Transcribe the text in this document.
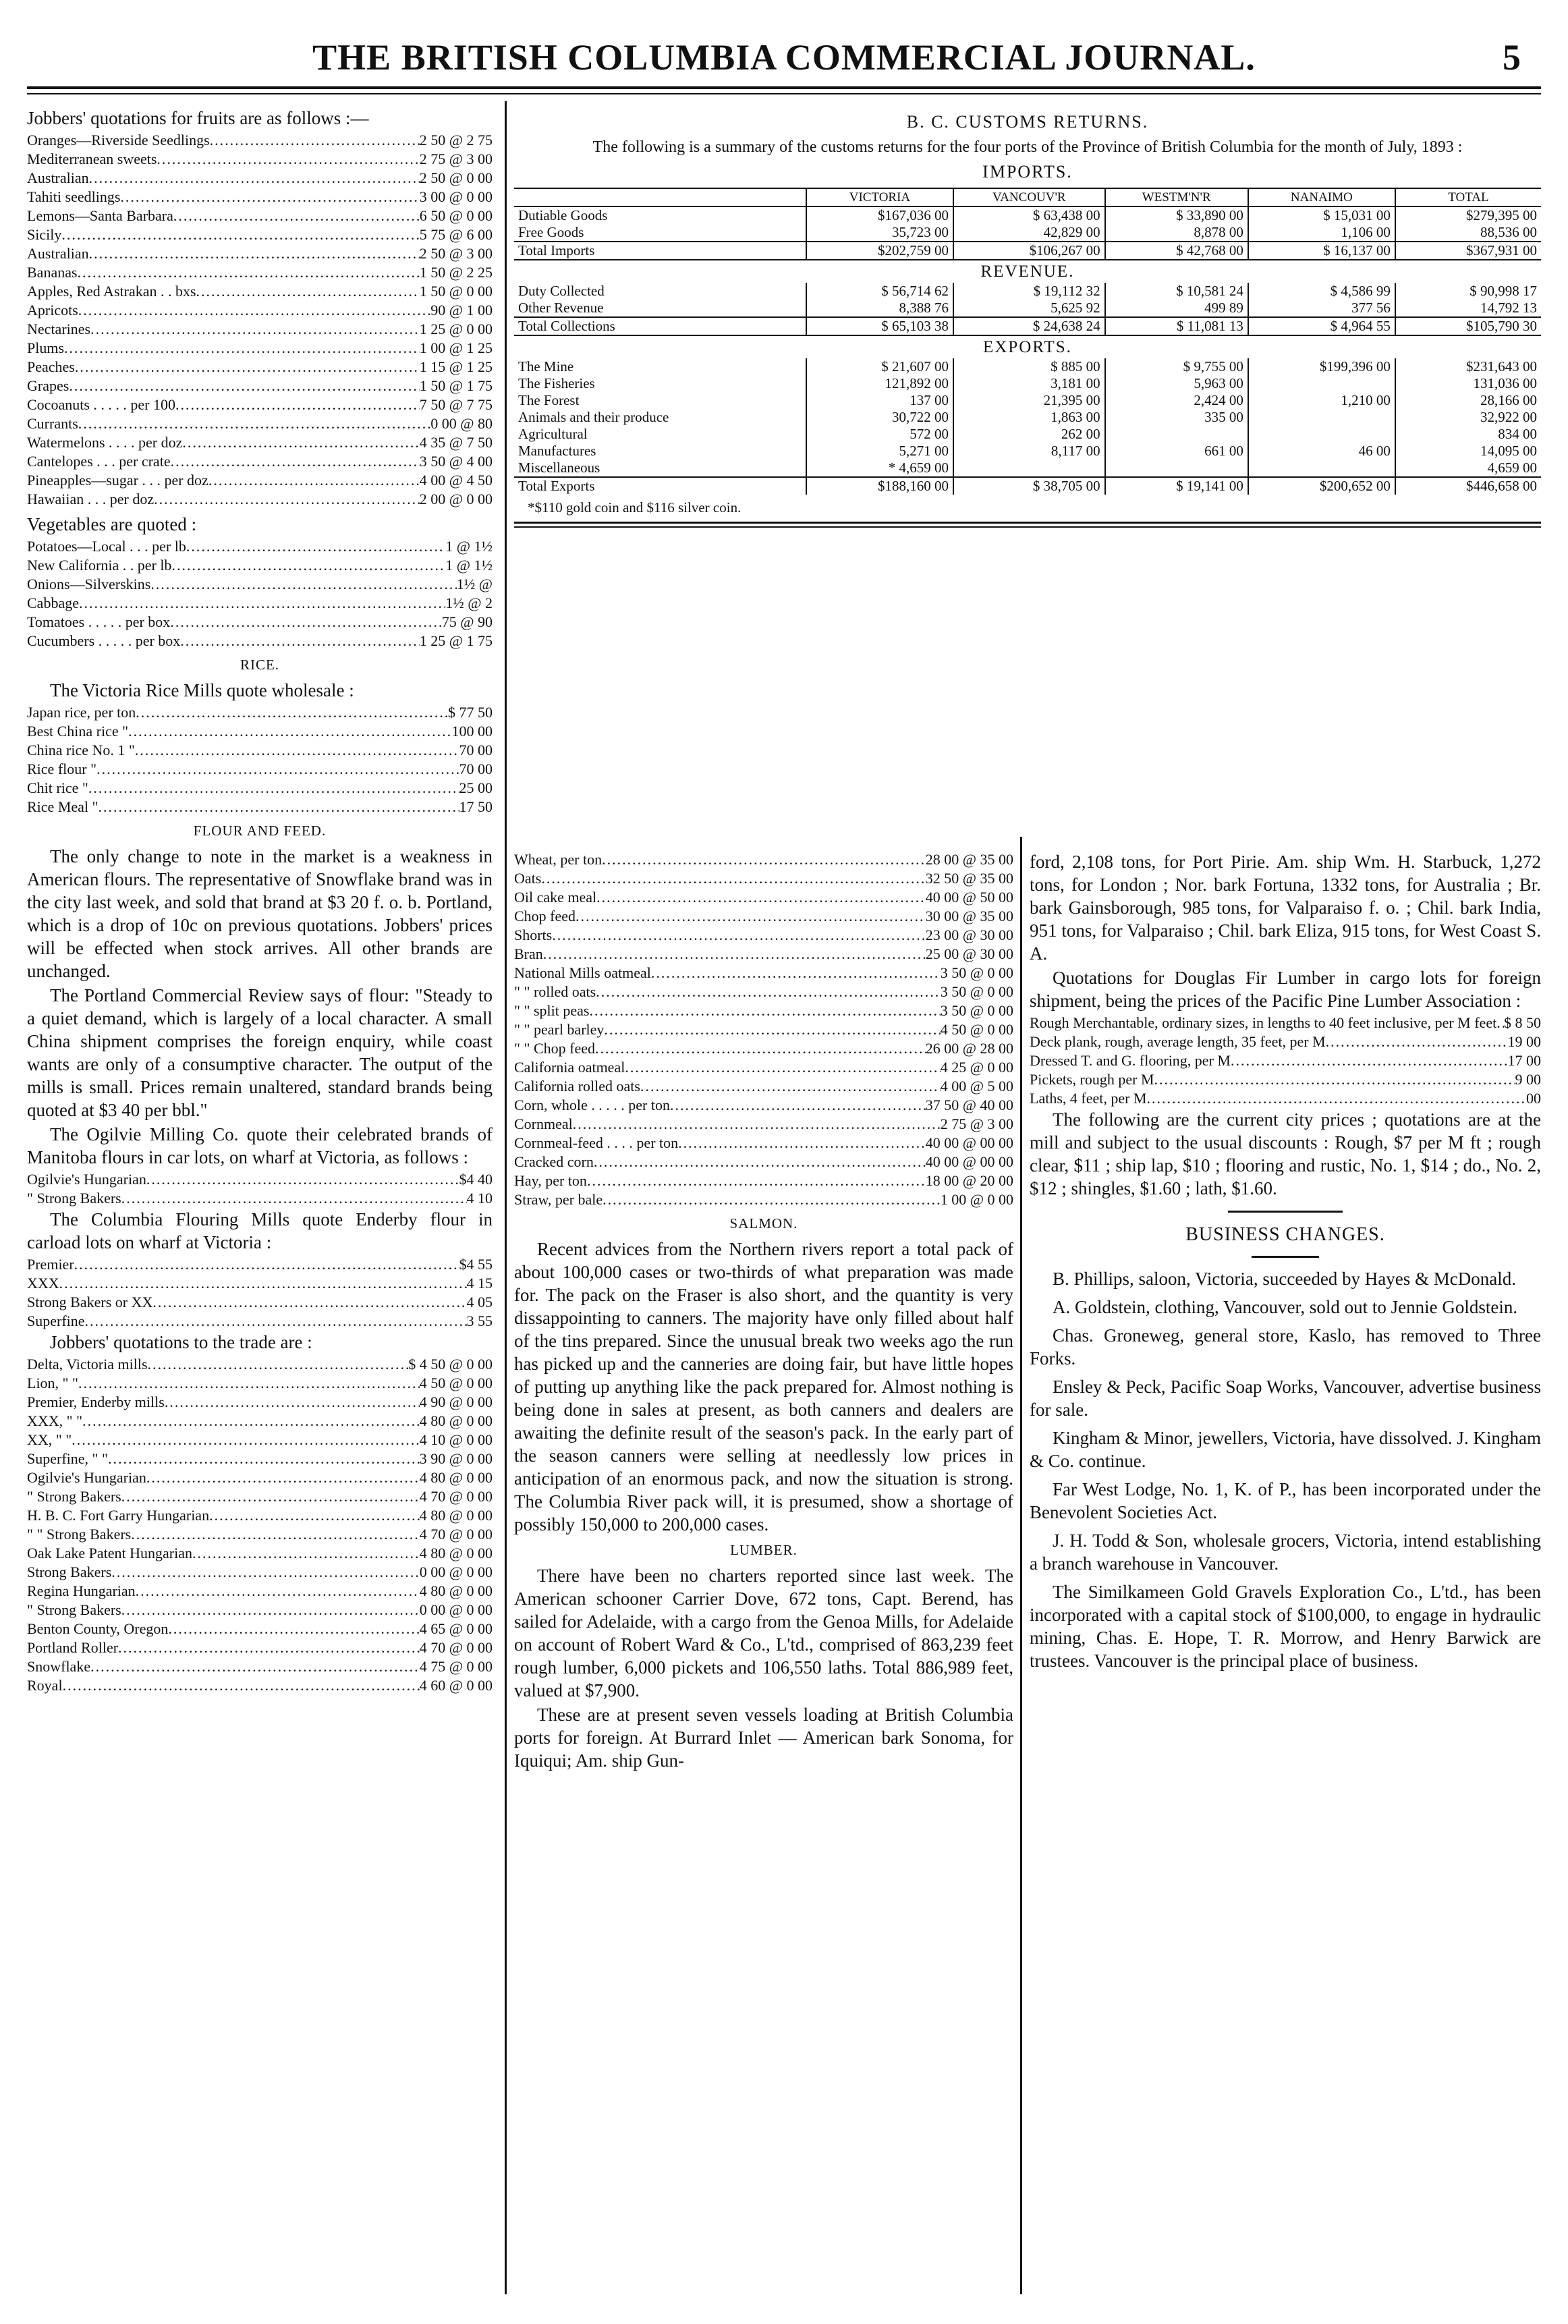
THE BRITISH COLUMBIA COMMERCIAL JOURNAL.	5

Jobbers' quotations for fruits are as follows :—

Oranges—Riverside Seedlings .....	2 50 @ 2 75
Mediterranean sweets .....	2 75 @ 3 00
Australian .....	2 50 @ 0 00
Tahiti seedlings .....	3 00 @ 0 00
Lemons—Santa Barbara .....	6 50 @ 0 00
Sicily .....	5 75 @ 6 00
Australian .....	2 50 @ 3 00
Bananas .....	1 50 @ 2 25
Apples, Red Astrakan . . bxs .....	1 50 @ 0 00
Apricots .....	90 @ 1 00
Nectarines .....	1 25 @ 0 00
Plums .....	1 00 @ 1 25
Peaches .....	1 15 @ 1 25
Grapes .....	1 50 @ 1 75
Cocoanuts . . . . . per 100 .....	7 50 @ 7 75
Currants .....	0 00 @ 80
Watermelons . . . . per doz .....	4 35 @ 7 50
Cantelopes . . . per crate .....	3 50 @ 4 00
Pineapples—sugar . . . per doz .....	4 00 @ 4 50
Hawaiian . . . per doz .....	2 00 @ 0 00

Vegetables are quoted :

Potatoes—Local . . . per lb .....	1 @ 1½
New California . . per lb .....	1 @ 1½
Onions—Silverskins .....	1½ @
Cabbage .....	1½ @ 2
Tomatoes . . . . . per box .....	75 @ 90
Cucumbers . . . . . per box .....	1 25 @ 1 75
RICE.

The Victoria Rice Mills quote wholesale :

Japan rice, per ton .....	$ 77 50
Best China rice " .....	100 00
China rice No. 1 " .....	70 00
Rice flour " .....	70 00
Chit rice " .....	25 00
Rice Meal " .....	17 50
FLOUR AND FEED.

The only change to note in the market is a weakness in American flours. The representative of Snowflake brand was in the city last week, and sold that brand at $3 20 f. o. b. Portland, which is a drop of 10c on previous quotations. Jobbers' prices will be effected when stock arrives. All other brands are unchanged.

The Portland Commercial Review says of flour: "Steady to a quiet demand, which is largely of a local character. A small China shipment comprises the foreign enquiry, while coast wants are only of a consumptive character. The output of the mills is small. Prices remain unaltered, standard brands being quoted at $3 40 per bbl."

The Ogilvie Milling Co. quote their celebrated brands of Manitoba flours in car lots, on wharf at Victoria, as follows :

Ogilvie's Hungarian .....	$4 40
" Strong Bakers .....	4 10

The Columbia Flouring Mills quote Enderby flour in carload lots on wharf at Victoria :

Premier .....	$4 55
XXX .....	4 15
Strong Bakers or XX .....	4 05
Superfine .....	3 55

Jobbers' quotations to the trade are :

Delta, Victoria mills .....	$ 4 50 @ 0 00
Lion, " " .....	4 50 @ 0 00
Premier, Enderby mills .....	4 90 @ 0 00
XXX, " " .....	4 80 @ 0 00
XX, " " .....	4 10 @ 0 00
Superfine, " " .....	3 90 @ 0 00
Ogilvie's Hungarian .....	4 80 @ 0 00
" Strong Bakers .....	4 70 @ 0 00
H. B. C. Fort Garry Hungarian .....	4 80 @ 0 00
" " Strong Bakers .....	4 70 @ 0 00
Oak Lake Patent Hungarian .....	4 80 @ 0 00
Strong Bakers .....	0 00 @ 0 00
Regina Hungarian .....	4 80 @ 0 00
" Strong Bakers .....	0 00 @ 0 00
Benton County, Oregon .....	4 65 @ 0 00
Portland Roller .....	4 70 @ 0 00
Snowflake .....	4 75 @ 0 00
Royal .....	4 60 @ 0 00
B. C. CUSTOMS RETURNS.

The following is a summary of the customs returns for the four ports of the Province of British Columbia for the month of July, 1893 :

IMPORTS.
	VICTORIA	VANCOUV'R	WESTM'N'R	NANAIMO	TOTAL
Dutiable Goods	$167,036 00	$ 63,438 00	$ 33,890 00	$ 15,031 00	$279,395 00
Free Goods	35,723 00	42,829 00	8,878 00	1,106 00	88,536 00
Total Imports	$202,759 00	$106,267 00	$ 42,768 00	$ 16,137 00	$367,931 00
REVENUE.					
Duty Collected	$ 56,714 62	$ 19,112 32	$ 10,581 24	$ 4,586 99	$ 90,998 17
Other Revenue	8,388 76	5,625 92	499 89	377 56	14,792 13
Total Collections	$ 65,103 38	$ 24,638 24	$ 11,081 13	$ 4,964 55	$105,790 30
EXPORTS.					
The Mine	$ 21,607 00	$ 885 00	$ 9,755 00	$199,396 00	$231,643 00
The Fisheries	121,892 00	3,181 00	5,963 00		131,036 00
The Forest	137 00	21,395 00	2,424 00	1,210 00	28,166 00
Animals and their produce	30,722 00	1,863 00	335 00		32,922 00
Agricultural	572 00	262 00			834 00
Manufactures	5,271 00	8,117 00	661 00	46 00	14,095 00
Miscellaneous	* 4,659 00				4,659 00
Total Exports	$188,160 00	$ 38,705 00	$ 19,141 00	$200,652 00	$446,658 00
*$110 gold coin and $116 silver coin.
Wheat, per ton .....	28 00 @ 35 00
Oats .....	32 50 @ 35 00
Oil cake meal .....	40 00 @ 50 00
Chop feed .....	30 00 @ 35 00
Shorts .....	23 00 @ 30 00
Bran .....	25 00 @ 30 00
National Mills oatmeal .....	3 50 @ 0 00
" " rolled oats .....	3 50 @ 0 00
" " split peas .....	3 50 @ 0 00
" " pearl barley .....	4 50 @ 0 00
" " Chop feed .....	26 00 @ 28 00
California oatmeal .....	4 25 @ 0 00
California rolled oats .....	4 00 @ 5 00
Corn, whole . . . . . per ton .....	37 50 @ 40 00
Cornmeal .....	2 75 @ 3 00
Cornmeal-feed . . . . per ton .....	40 00 @ 00 00
Cracked corn .....	40 00 @ 00 00
Hay, per ton .....	18 00 @ 20 00
Straw, per bale .....	1 00 @ 0 00
SALMON.

Recent advices from the Northern rivers report a total pack of about 100,000 cases or two-thirds of what preparation was made for. The pack on the Fraser is also short, and the quantity is very dissappointing to canners. The majority have only filled about half of the tins prepared. Since the unusual break two weeks ago the run has picked up and the canneries are doing fair, but have little hopes of putting up anything like the pack prepared for. Almost nothing is being done in sales at present, as both canners and dealers are awaiting the definite result of the season's pack. In the early part of the season canners were selling at needlessly low prices in anticipation of an enormous pack, and now the situation is strong. The Columbia River pack will, it is presumed, show a shortage of possibly 150,000 to 200,000 cases.

LUMBER.

There have been no charters reported since last week. The American schooner Carrier Dove, 672 tons, Capt. Berend, has sailed for Adelaide, with a cargo from the Genoa Mills, for Adelaide on account of Robert Ward & Co., L'td., comprised of 863,239 feet rough lumber, 6,000 pickets and 106,550 laths. Total 886,989 feet, valued at $7,900.

These are at present seven vessels loading at British Columbia ports for foreign. At Burrard Inlet — American bark Sonoma, for Iquiqui; Am. ship Gun-

ford, 2,108 tons, for Port Pirie. Am. ship Wm. H. Starbuck, 1,272 tons, for London ; Nor. bark Fortuna, 1332 tons, for Australia ; Br. bark Gainsborough, 985 tons, for Valparaiso f. o. ; Chil. bark India, 951 tons, for Valparaiso ; Chil. bark Eliza, 915 tons, for West Coast S. A.

Quotations for Douglas Fir Lumber in cargo lots for foreign shipment, being the prices of the Pacific Pine Lumber Association :

Rough Merchantable, ordinary sizes, in lengths to 40 feet inclusive, per M feet ..... $ 8 50
Deck plank, rough, average length, 35 feet, per M .....	19 00
Dressed T. and G. flooring, per M .....	17 00
Pickets, rough per M .....	9 00
Laths, 4 feet, per M .....	00

The following are the current city prices ; quotations are at the mill and subject to the usual discounts : Rough, $7 per M ft ; rough clear, $11 ; ship lap, $10 ; flooring and rustic, No. 1, $14 ; do., No. 2, $12 ; shingles, $1.60 ; lath, $1.60.

BUSINESS CHANGES.

B. Phillips, saloon, Victoria, succeeded by Hayes & McDonald.

A. Goldstein, clothing, Vancouver, sold out to Jennie Goldstein.

Chas. Groneweg, general store, Kaslo, has removed to Three Forks.

Ensley & Peck, Pacific Soap Works, Vancouver, advertise business for sale.

Kingham & Minor, jewellers, Victoria, have dissolved. J. Kingham & Co. continue.

Far West Lodge, No. 1, K. of P., has been incorporated under the Benevolent Societies Act.

J. H. Todd & Son, wholesale grocers, Victoria, intend establishing a branch warehouse in Vancouver.

The Similkameen Gold Gravels Exploration Co., L'td., has been incorporated with a capital stock of $100,000, to engage in hydraulic mining, Chas. E. Hope, T. R. Morrow, and Henry Barwick are trustees. Vancouver is the principal place of business.
